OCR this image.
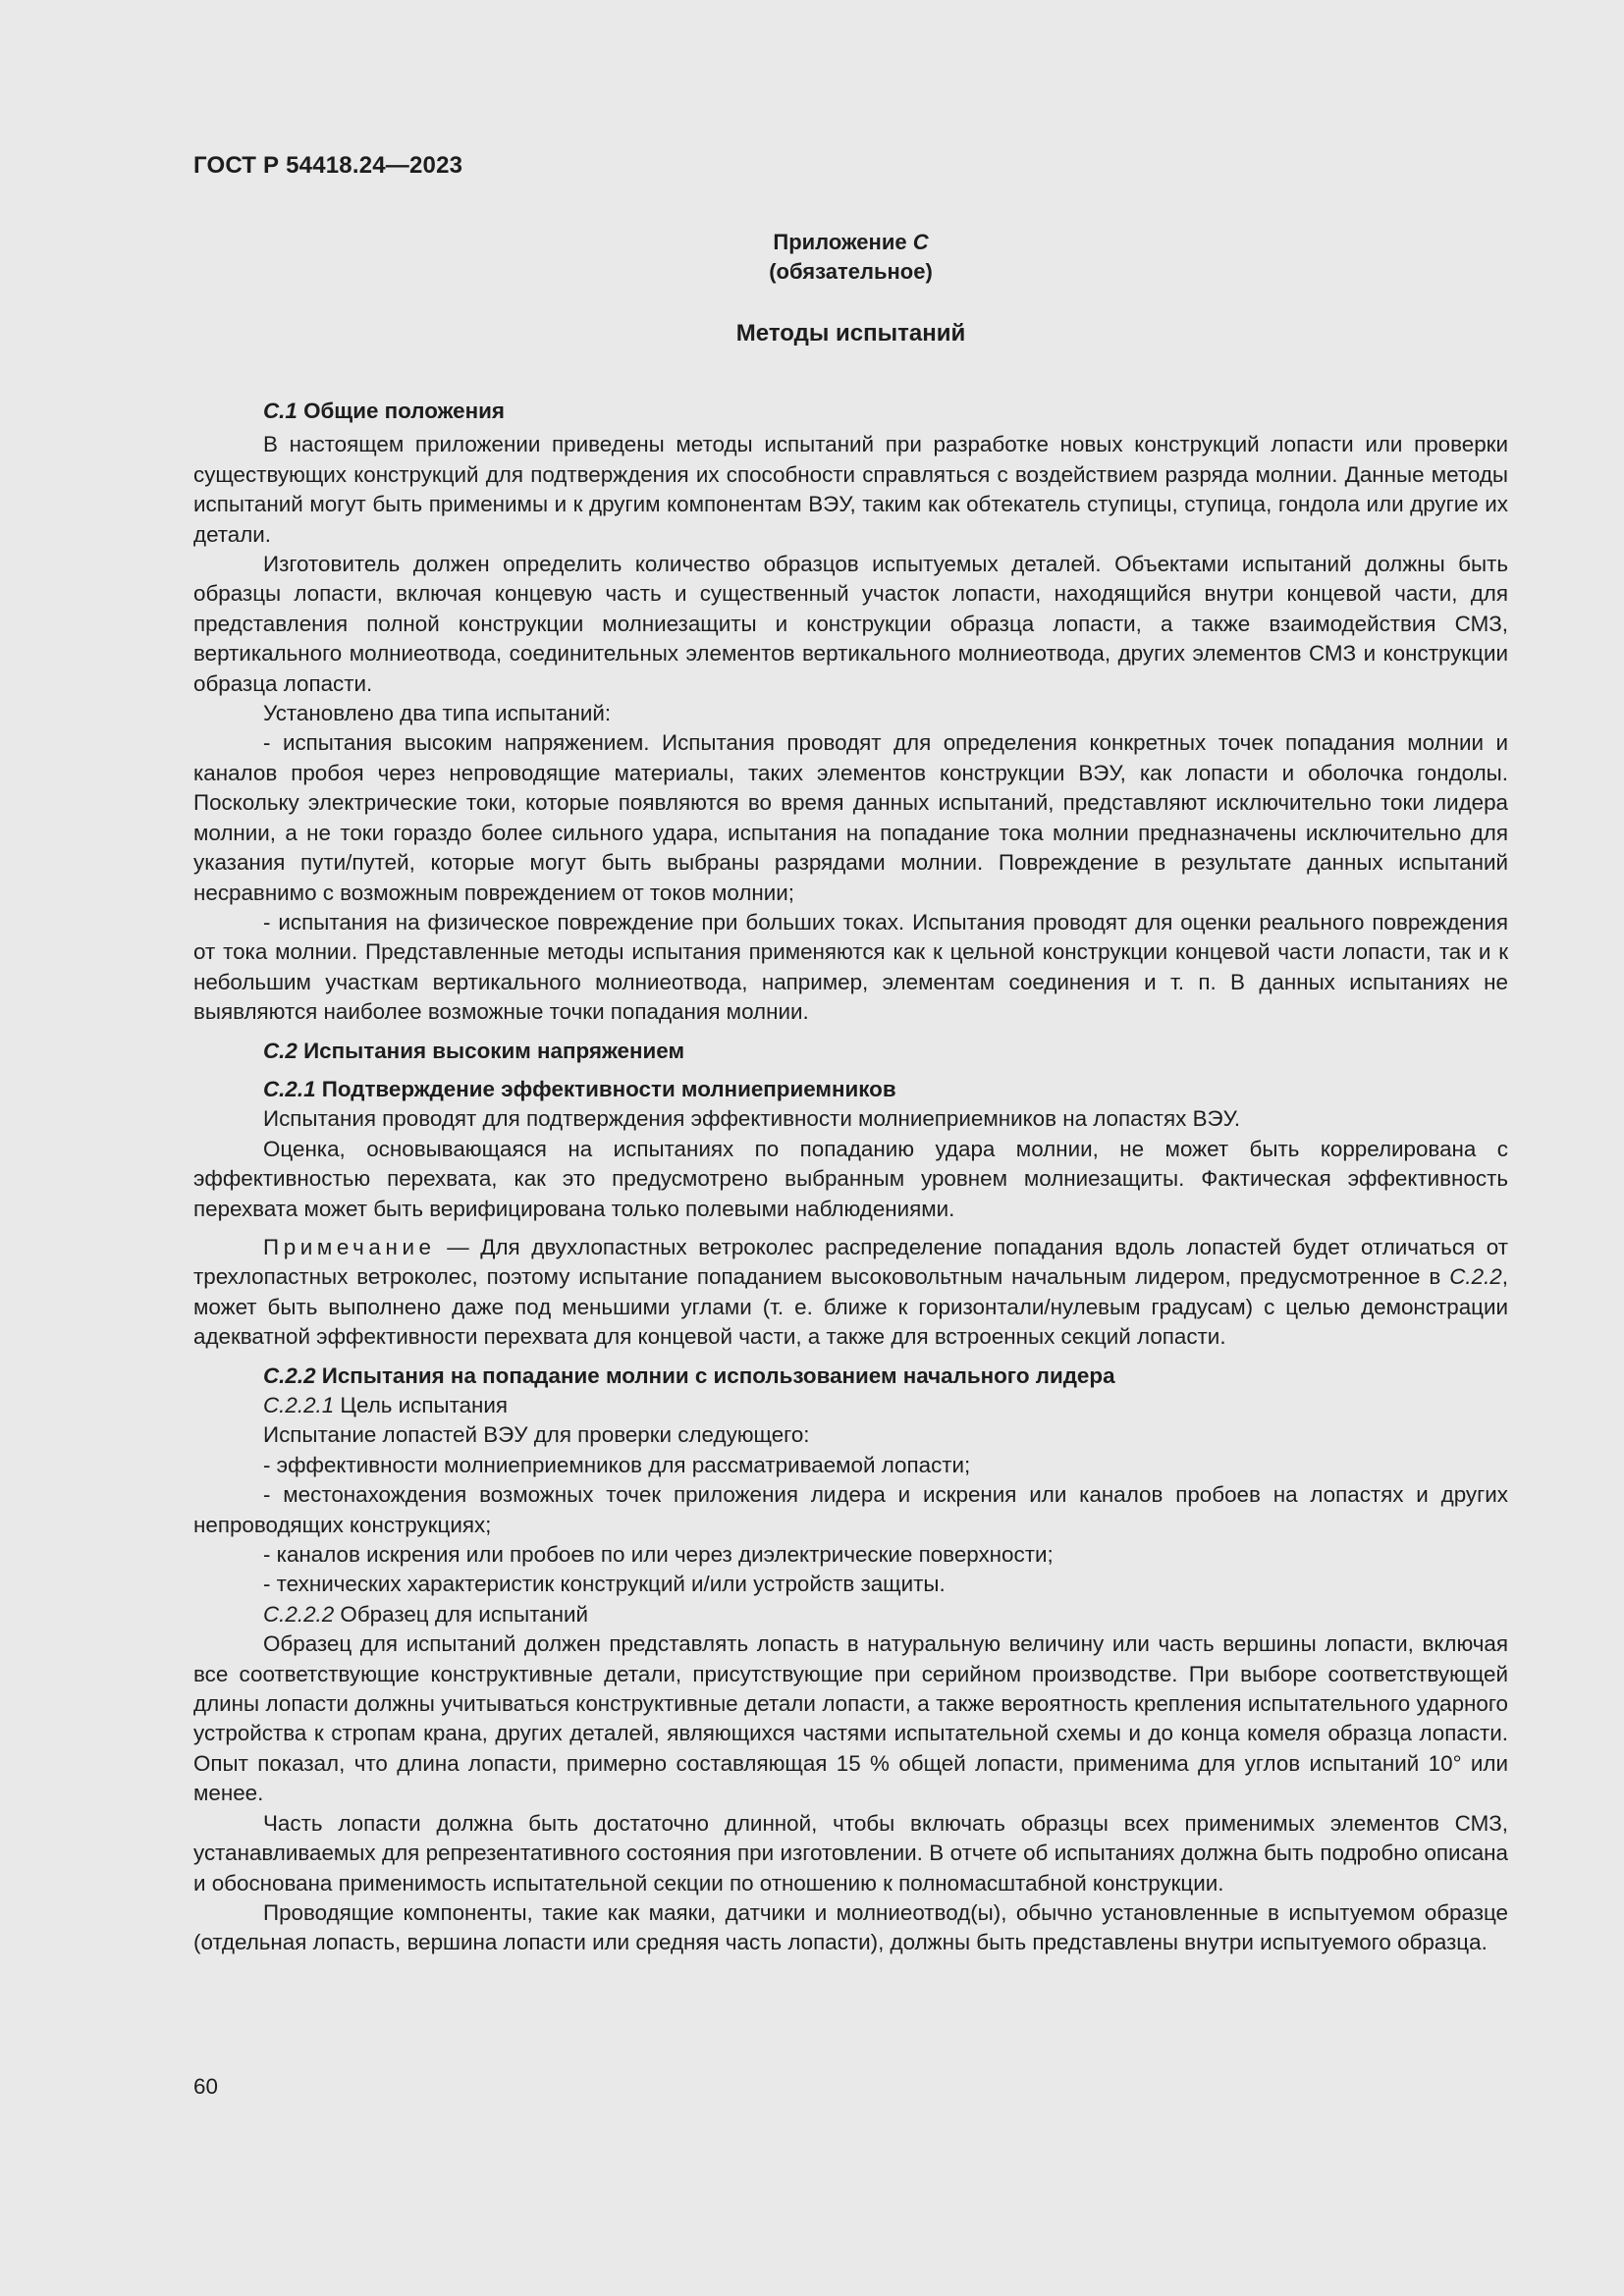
ГОСТ Р 54418.24—2023
Приложение C
(обязательное)
Методы испытаний

C.1 Общие положения

В настоящем приложении приведены методы испытаний при разработке новых конструкций лопасти или проверки существующих конструкций для подтверждения их способности справляться с воздействием разряда молнии. Данные методы испытаний могут быть применимы и к другим компонентам ВЭУ, таким как обтекатель ступицы, ступица, гондола или другие их детали.

Изготовитель должен определить количество образцов испытуемых деталей. Объектами испытаний должны быть образцы лопасти, включая концевую часть и существенный участок лопасти, находящийся внутри концевой части, для представления полной конструкции молниезащиты и конструкции образца лопасти, а также взаимодействия СМЗ, вертикального молниеотвода, соединительных элементов вертикального молниеотвода, других элементов СМЗ и конструкции образца лопасти.

Установлено два типа испытаний:

- испытания высоким напряжением. Испытания проводят для определения конкретных точек попадания молнии и каналов пробоя через непроводящие материалы, таких элементов конструкции ВЭУ, как лопасти и оболочка гондолы. Поскольку электрические токи, которые появляются во время данных испытаний, представляют исключительно токи лидера молнии, а не токи гораздо более сильного удара, испытания на попадание тока молнии предназначены исключительно для указания пути/путей, которые могут быть выбраны разрядами молнии. Повреждение в результате данных испытаний несравнимо с возможным повреждением от токов молнии;

- испытания на физическое повреждение при больших токах. Испытания проводят для оценки реального повреждения от тока молнии. Представленные методы испытания применяются как к цельной конструкции концевой части лопасти, так и к небольшим участкам вертикального молниеотвода, например, элементам соединения и т. п. В данных испытаниях не выявляются наиболее возможные точки попадания молнии.

C.2 Испытания высоким напряжением

C.2.1 Подтверждение эффективности молниеприемников

Испытания проводят для подтверждения эффективности молниеприемников на лопастях ВЭУ.

Оценка, основывающаяся на испытаниях по попаданию удара молнии, не может быть коррелирована с эффективностью перехвата, как это предусмотрено выбранным уровнем молниезащиты. Фактическая эффективность перехвата может быть верифицирована только полевыми наблюдениями.

Примечание — Для двухлопастных ветроколес распределение попадания вдоль лопастей будет отличаться от трехлопастных ветроколес, поэтому испытание попаданием высоковольтным начальным лидером, предусмотренное в C.2.2, может быть выполнено даже под меньшими углами (т. е. ближе к горизонтали/нулевым градусам) с целью демонстрации адекватной эффективности перехвата для концевой части, а также для встроенных секций лопасти.

C.2.2 Испытания на попадание молнии с использованием начального лидера

C.2.2.1 Цель испытания

Испытание лопастей ВЭУ для проверки следующего:

- эффективности молниеприемников для рассматриваемой лопасти;

- местонахождения возможных точек приложения лидера и искрения или каналов пробоев на лопастях и других непроводящих конструкциях;

- каналов искрения или пробоев по или через диэлектрические поверхности;

- технических характеристик конструкций и/или устройств защиты.

C.2.2.2 Образец для испытаний

Образец для испытаний должен представлять лопасть в натуральную величину или часть вершины лопасти, включая все соответствующие конструктивные детали, присутствующие при серийном производстве. При выборе соответствующей длины лопасти должны учитываться конструктивные детали лопасти, а также вероятность крепления испытательного ударного устройства к стропам крана, других деталей, являющихся частями испытательной схемы и до конца комеля образца лопасти. Опыт показал, что длина лопасти, примерно составляющая 15 % общей лопасти, применима для углов испытаний 10° или менее.

Часть лопасти должна быть достаточно длинной, чтобы включать образцы всех применимых элементов СМЗ, устанавливаемых для репрезентативного состояния при изготовлении. В отчете об испытаниях должна быть подробно описана и обоснована применимость испытательной секции по отношению к полномасштабной конструкции.

Проводящие компоненты, такие как маяки, датчики и молниеотвод(ы), обычно установленные в испытуемом образце (отдельная лопасть, вершина лопасти или средняя часть лопасти), должны быть представлены внутри испытуемого образца.

60
